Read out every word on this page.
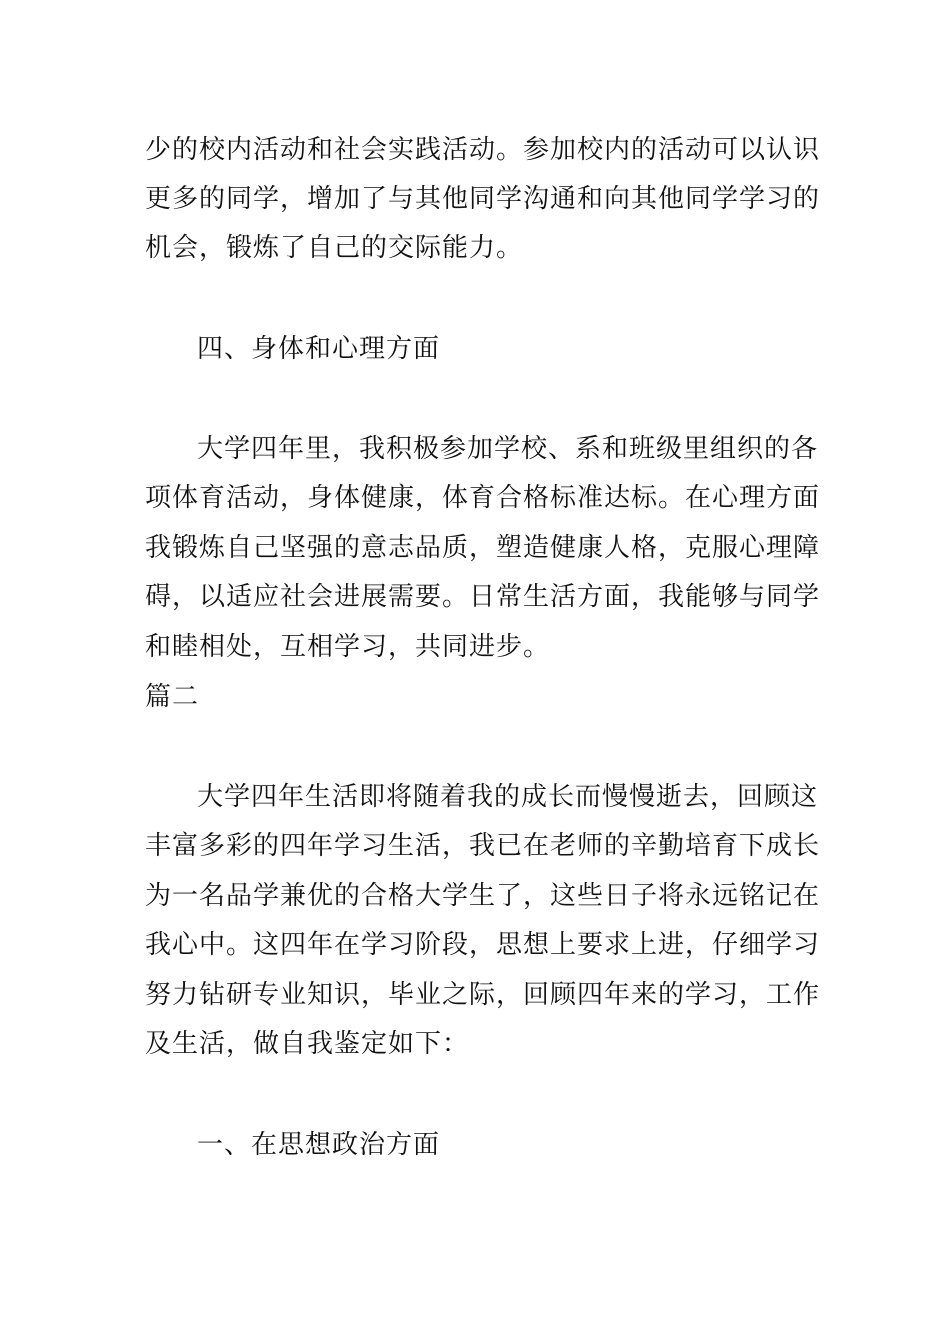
少的校内活动和社会实践活动。参加校内的活动可以认识
更多的同学，增加了与其他同学沟通和向其他同学学习的
机会，锻炼了自己的交际能力。
四、身体和心理方面
大学四年里，我积极参加学校、系和班级里组织的各
项体育活动，身体健康，体育合格标准达标。在心理方面
我锻炼自己坚强的意志品质，塑造健康人格，克服心理障
碍，以适应社会进展需要。日常生活方面，我能够与同学
和睦相处，互相学习，共同进步。
篇二
大学四年生活即将随着我的成长而慢慢逝去，回顾这
丰富多彩的四年学习生活，我已在老师的辛勤培育下成长
为一名品学兼优的合格大学生了，这些日子将永远铭记在
我心中。这四年在学习阶段，思想上要求上进，仔细学习
努力钻研专业知识，毕业之际，回顾四年来的学习，工作
及生活，做自我鉴定如下：
一、在思想政治方面
